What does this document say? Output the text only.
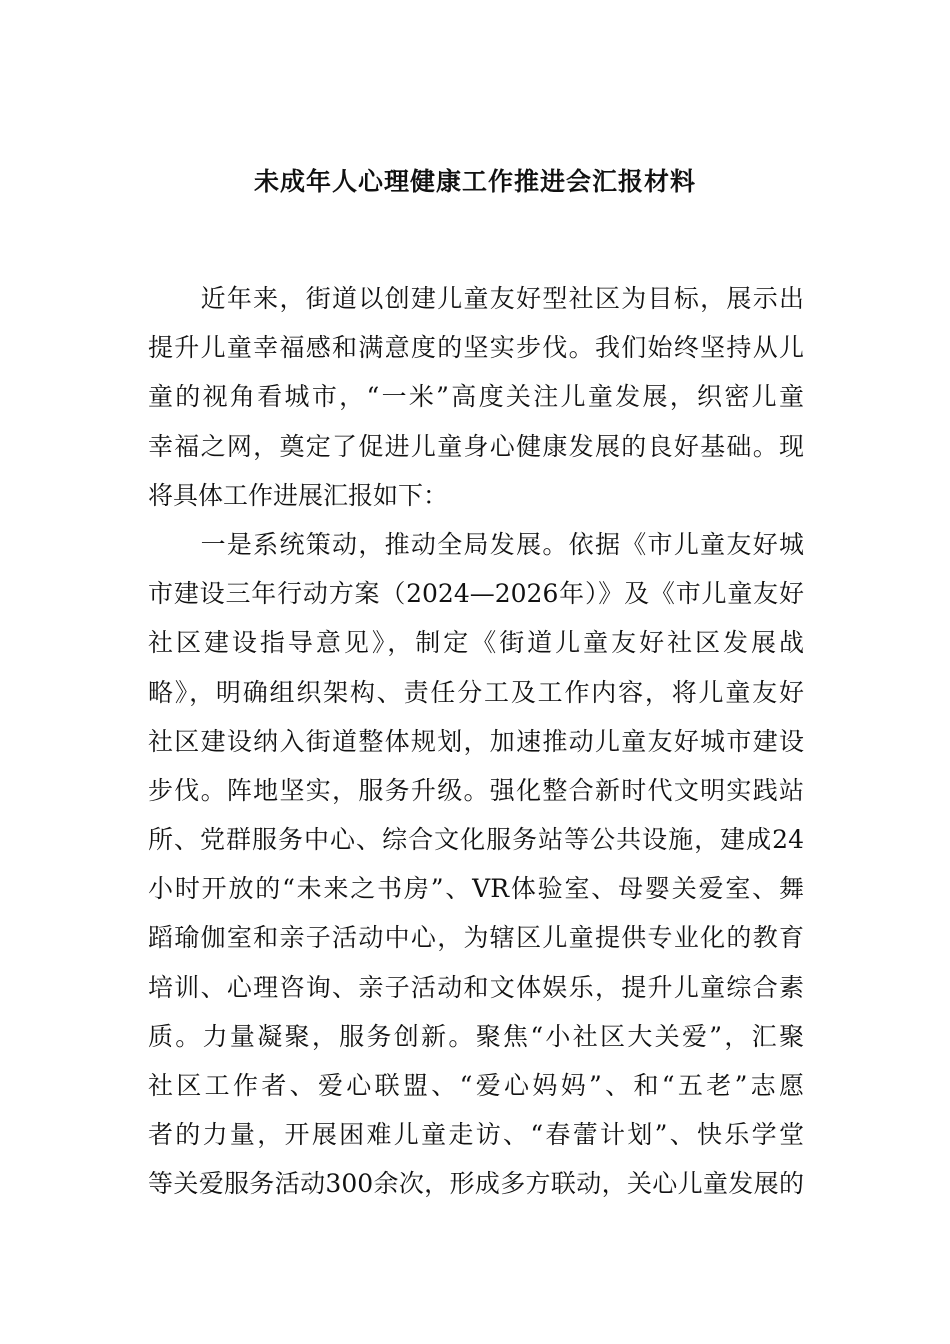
未成年人心理健康工作推进会汇报材料

　　近年来，街道以创建儿童友好型社区为目标，展示出

提升儿童幸福感和满意度的坚实步伐。我们始终坚持从儿

童的视角看城市，“一米”高度关注儿童发展，织密儿童

幸福之网，奠定了促进儿童身心健康发展的良好基础。现

将具体工作进展汇报如下：

　　一是系统策动，推动全局发展。依据《市儿童友好城

市建设三年行动方案（2024—2026年）》及《市儿童友好

社区建设指导意见》，制定《街道儿童友好社区发展战

略》，明确组织架构、责任分工及工作内容，将儿童友好

社区建设纳入街道整体规划，加速推动儿童友好城市建设

步伐。阵地坚实，服务升级。强化整合新时代文明实践站

所、党群服务中心、综合文化服务站等公共设施，建成24

小时开放的“未来之书房”、VR体验室、母婴关爱室、舞

蹈瑜伽室和亲子活动中心，为辖区儿童提供专业化的教育

培训、心理咨询、亲子活动和文体娱乐，提升儿童综合素

质。力量凝聚，服务创新。聚焦“小社区大关爱”，汇聚

社区工作者、爱心联盟、“爱心妈妈”、和“五老”志愿

者的力量，开展困难儿童走访、“春蕾计划”、快乐学堂

等关爱服务活动300余次，形成多方联动，关心儿童发展的
